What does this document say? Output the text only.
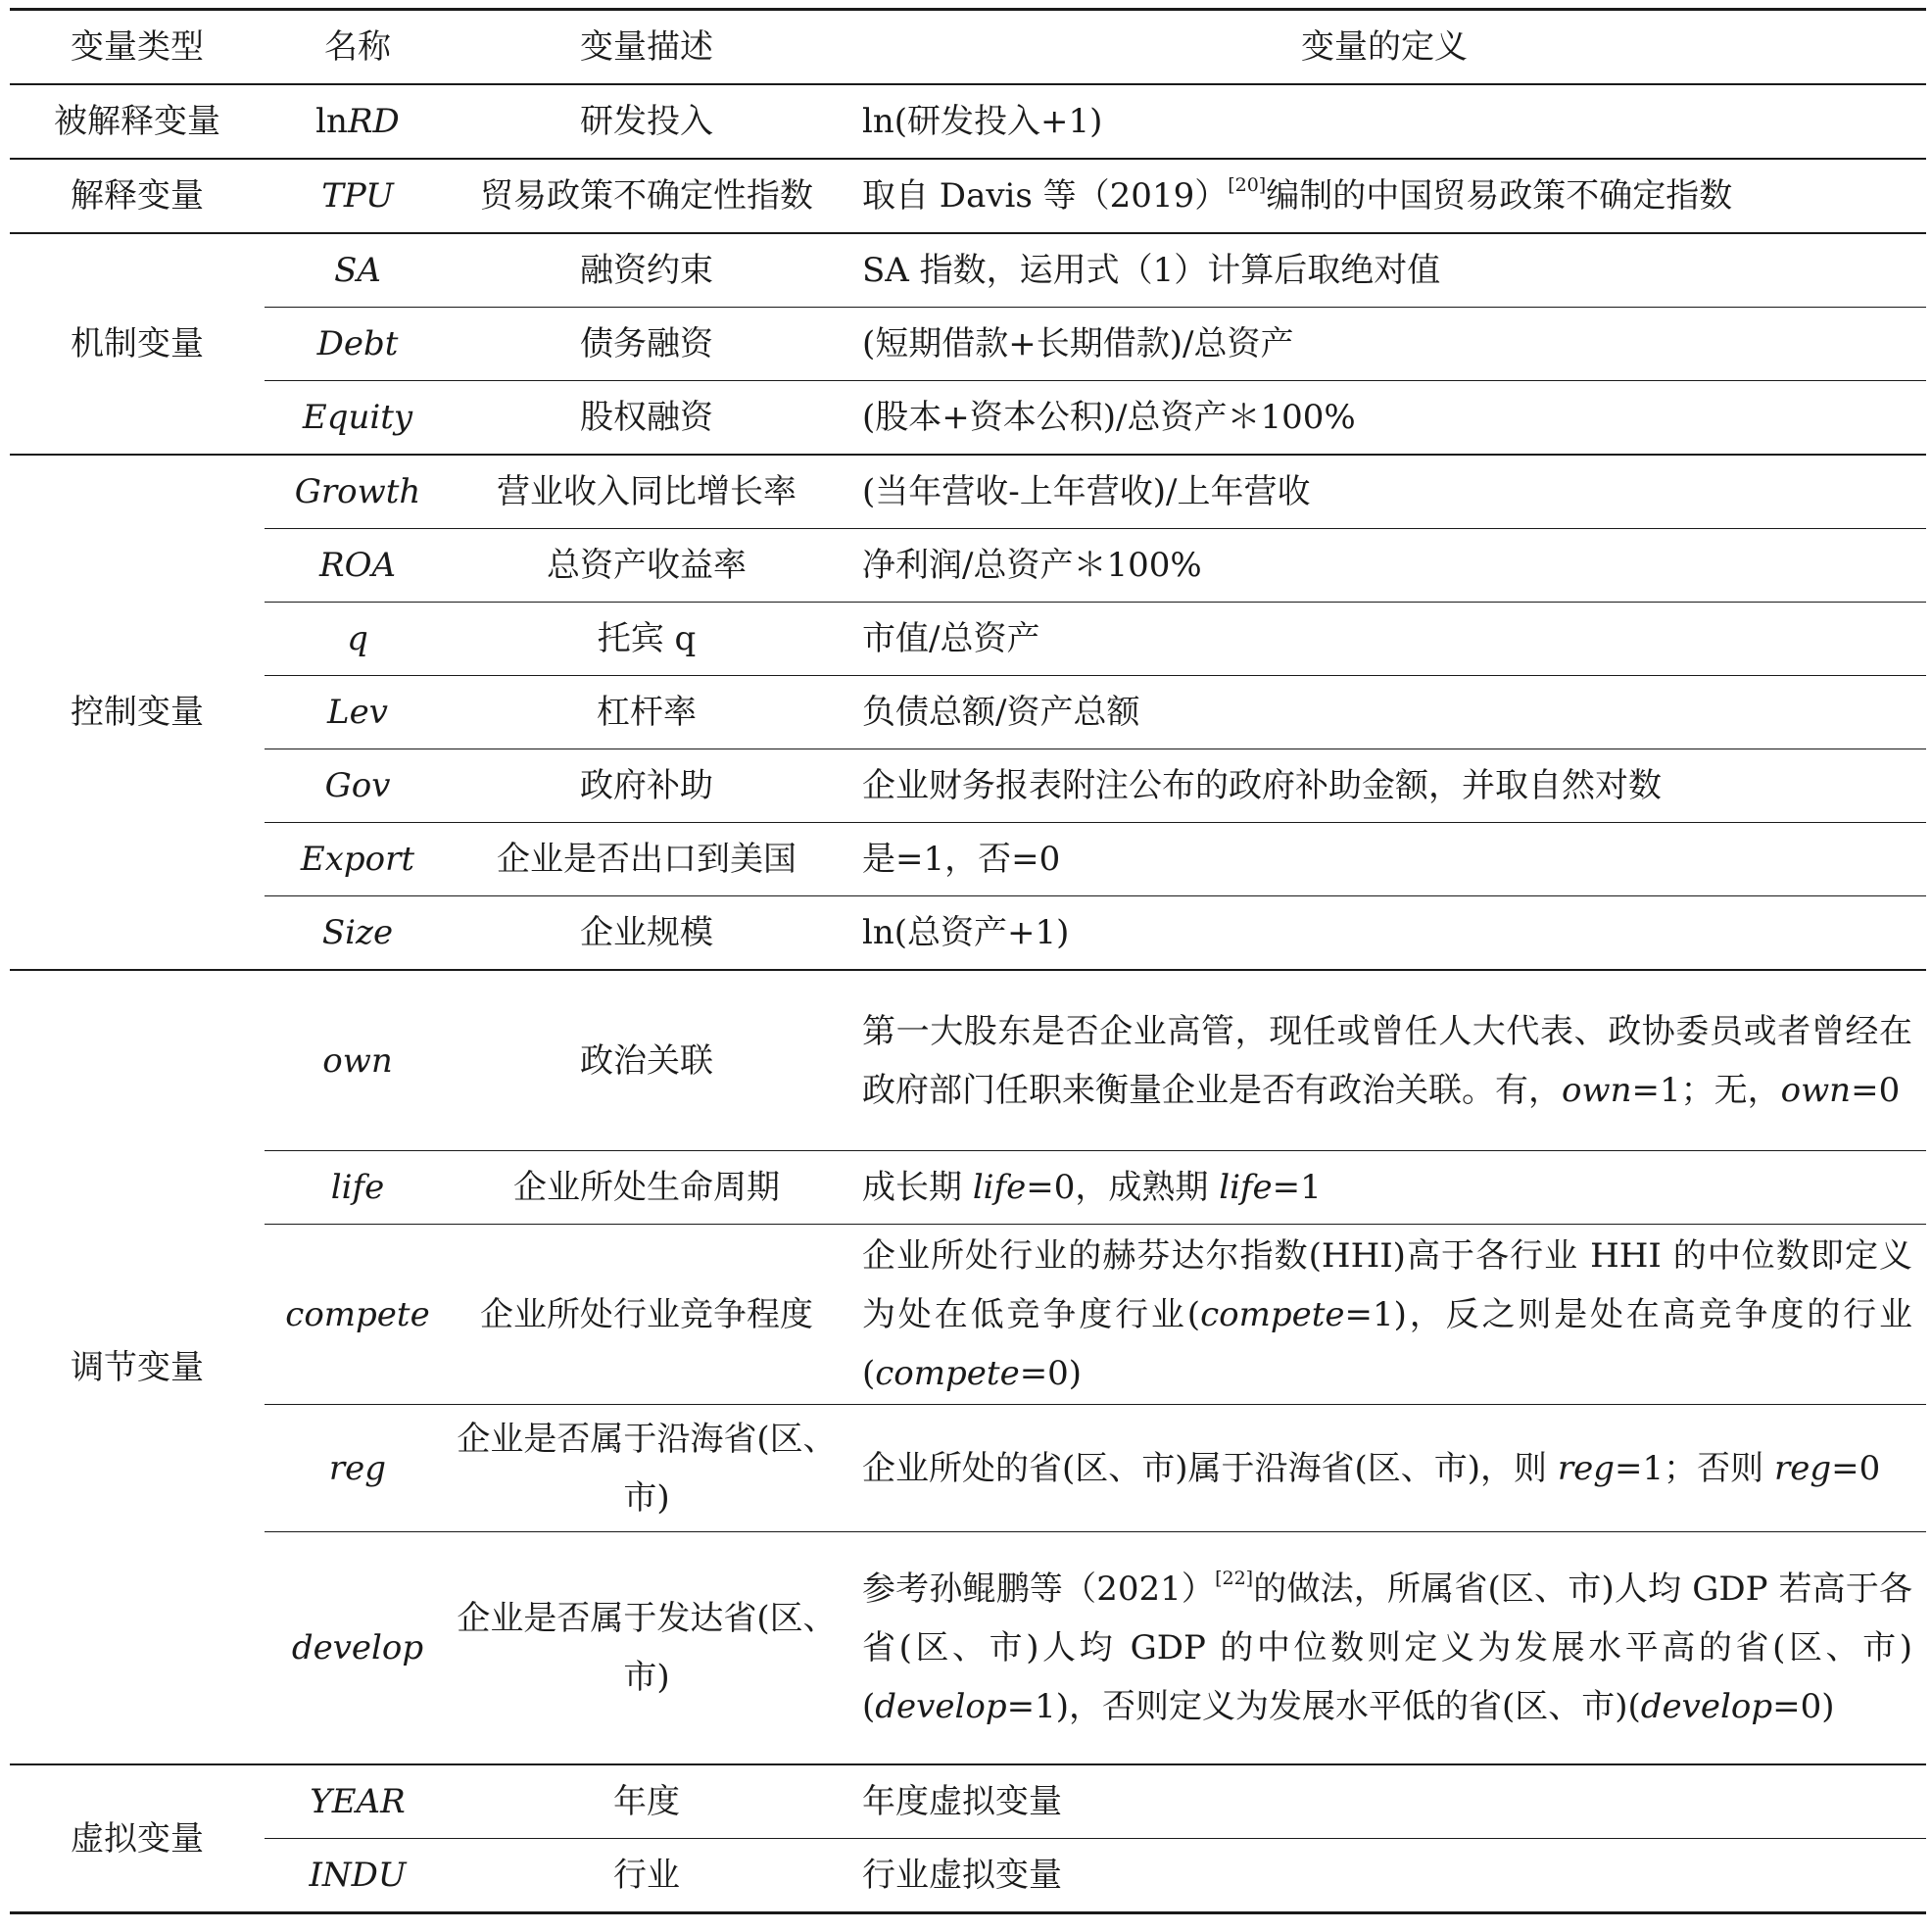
变量类型	名称	变量描述	变量的定义
被解释变量	lnRD	研发投入	ln(研发投入+1)
解释变量	TPU	贸易政策不确定性指数	取自 Davis 等（2019）[20]编制的中国贸易政策不确定指数
机制变量	SA	融资约束	SA 指数，运用式（1）计算后取绝对值
	Debt	债务融资	(短期借款+长期借款)/总资产
	Equity	股权融资	(股本+资本公积)/总资产＊100%
控制变量	Growth	营业收入同比增长率	(当年营收-上年营收)/上年营收
	ROA	总资产收益率	净利润/总资产＊100%
	q	托宾 q	市值/总资产
	Lev	杠杆率	负债总额/资产总额
	Gov	政府补助	企业财务报表附注公布的政府补助金额，并取自然对数
	Export	企业是否出口到美国	是=1，否=0
	Size	企业规模	ln(总资产+1)
调节变量	own	政治关联	第一大股东是否企业高管，现任或曾任人大代表、政协委员或者曾经在政府部门任职来衡量企业是否有政治关联。有，own=1；无，own=0
	life	企业所处生命周期	成长期 life=0，成熟期 life=1
	compete	企业所处行业竞争程度	企业所处行业的赫芬达尔指数(HHI)高于各行业 HHI 的中位数即定义为处在低竞争度行业(compete=1)，反之则是处在高竞争度的行业(compete=0)
	reg	企业是否属于沿海省(区、市)	企业所处的省(区、市)属于沿海省(区、市)，则 reg=1；否则 reg=0
	develop	企业是否属于发达省(区、市)	参考孙鲲鹏等（2021）[22]的做法，所属省(区、市)人均 GDP 若高于各省(区、市)人均 GDP 的中位数则定义为发展水平高的省(区、市)(develop=1)，否则定义为发展水平低的省(区、市)(develop=0)
虚拟变量	YEAR	年度	年度虚拟变量
	INDU	行业	行业虚拟变量
